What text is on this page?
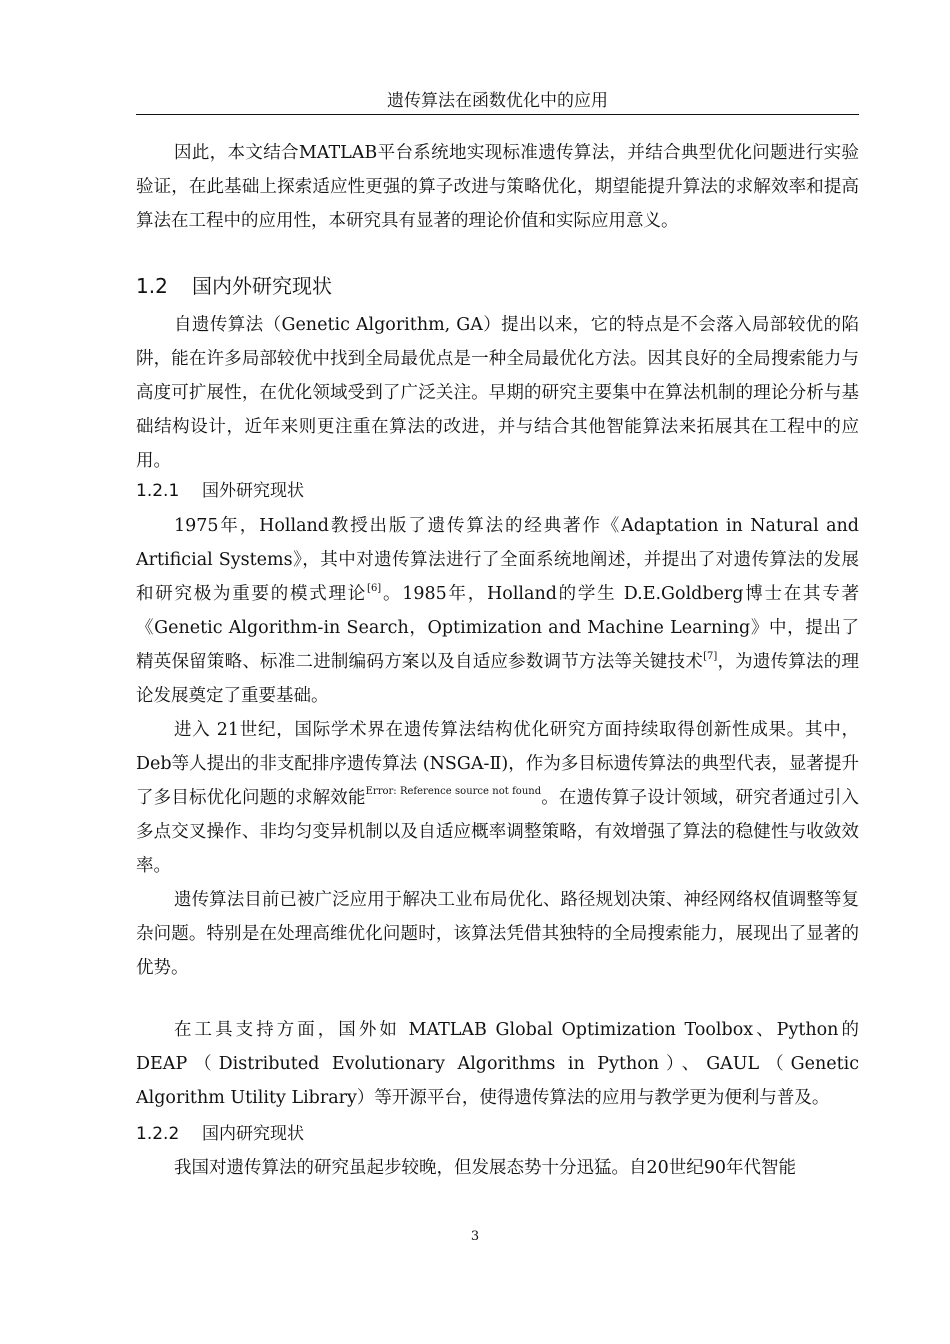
遗传算法在函数优化中的应用

因此，本文结合MATLAB平台系统地实现标准遗传算法，并结合典型优化问题进行实验验证，在此基础上探索适应性更强的算子改进与策略优化，期望能提升算法的求解效率和提高算法在工程中的应用性，本研究具有显著的理论价值和实际应用意义。

1.2 国内外研究现状

自遗传算法（Genetic Algorithm, GA）提出以来，它的特点是不会落入局部较优的陷阱，能在许多局部较优中找到全局最优点是一种全局最优化方法。因其良好的全局搜索能力与高度可扩展性，在优化领域受到了广泛关注。早期的研究主要集中在算法机制的理论分析与基础结构设计，近年来则更注重在算法的改进，并与结合其他智能算法来拓展其在工程中的应用。

1.2.1 国外研究现状

1975年，Holland教授出版了遗传算法的经典著作《Adaptation in Natural and Artificial Systems》，其中对遗传算法进行了全面系统地阐述，并提出了对遗传算法的发展和研究极为重要的模式理论[6]。1985年，Holland的学生 D.E.Goldberg博士在其专著《Genetic Algorithm-in Search，Optimization and Machine Learning》中，提出了精英保留策略、标准二进制编码方案以及自适应参数调节方法等关键技术[7]，为遗传算法的理论发展奠定了重要基础。

进入 21世纪，国际学术界在遗传算法结构优化研究方面持续取得创新性成果。其中，Deb等人提出的非支配排序遗传算法 (NSGA-Ⅱ)，作为多目标遗传算法的典型代表，显著提升了多目标优化问题的求解效能$^{Error: Reference source not found}$。在遗传算子设计领域，研究者通过引入多点交叉操作、非均匀变异机制以及自适应概率调整策略，有效增强了算法的稳健性与收敛效率。

遗传算法目前已被广泛应用于解决工业布局优化、路径规划决策、神经网络权值调整等复杂问题。特别是在处理高维优化问题时，该算法凭借其独特的全局搜索能力，展现出了显著的优势。

在工具支持方面，国外如 MATLAB Global Optimization Toolbox、Python的 DEAP（Distributed Evolutionary Algorithms in Python）、GAUL（Genetic Algorithm Utility Library）等开源平台，使得遗传算法的应用与教学更为便利与普及。

1.2.2 国内研究现状

我国对遗传算法的研究虽起步较晚，但发展态势十分迅猛。自20世纪90年代智能

3
